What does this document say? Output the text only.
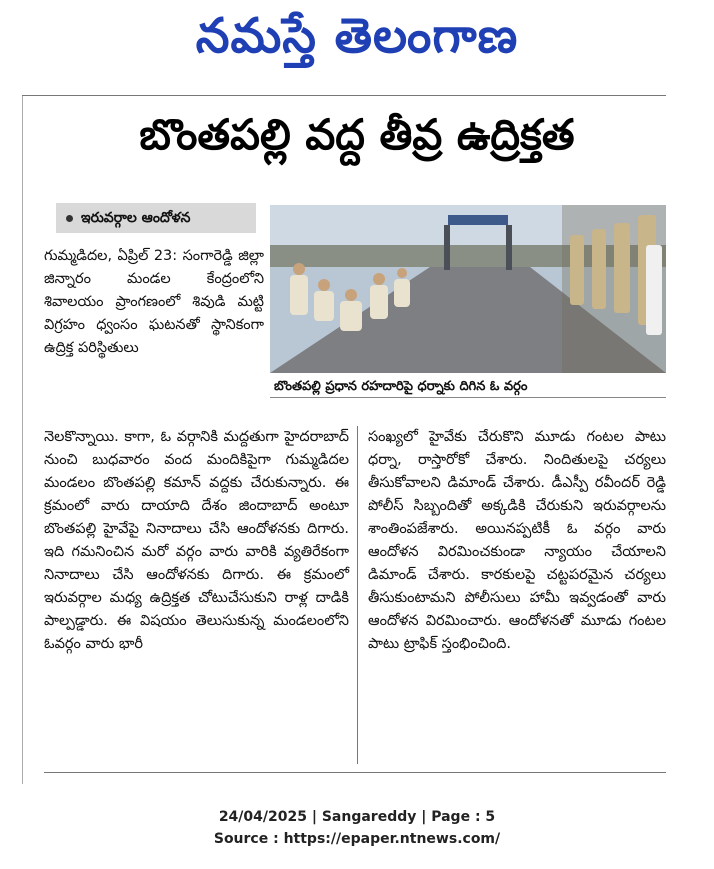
నమస్తే తెలంగాణ
బొంతపల్లి వద్ద తీవ్ర ఉద్రిక్తత
ఇరువర్గాల ఆందోళన
బొంతపల్లి ప్రధాన రహదారిపై ధర్నాకు దిగిన ఓ వర్గం
గుమ్మడిదల, ఏప్రిల్ 23: సంగారెడ్డి జిల్లా జిన్నారం మండల కేంద్రంలోని శివాలయం ప్రాంగణంలో శివుడి మట్టి విగ్రహం ధ్వంసం ఘటనతో స్థానికంగా ఉద్రిక్త పరిస్థితులు
నెలకొన్నాయి. కాగా, ఓ వర్గానికి మద్దతుగా హైదరాబాద్ నుంచి బుధవారం వంద మందికిపైగా గుమ్మడిదల మండలం బొంతపల్లి కమాన్ వద్దకు చేరుకున్నారు. ఈ క్రమంలో వారు దాయాది దేశం జిందాబాద్ అంటూ బొంతపల్లి హైవేపై నినాదాలు చేసి ఆందోళనకు దిగారు. ఇది గమనించిన మరో వర్గం వారు వారికి వ్యతిరేకంగా నినాదాలు చేసి ఆందోళనకు దిగారు. ఈ క్రమంలో ఇరువర్గాల మధ్య ఉద్రిక్తత చోటుచేసుకుని రాళ్ల దాడికి పాల్పడ్డారు. ఈ విషయం తెలుసుకున్న మండలంలోని ఓవర్గం వారు భారీ
సంఖ్యలో హైవేకు చేరుకొని మూడు గంటల పాటు ధర్నా, రాస్తారోకో చేశారు. నిందితులపై చర్యలు తీసుకోవాలని డిమాండ్ చేశారు. డీఎస్పీ రవీందర్ రెడ్డి పోలీస్ సిబ్బందితో అక్కడికి చేరుకుని ఇరువర్గాలను శాంతింపజేశారు. అయినప్పటికీ ఓ వర్గం వారు ఆందోళన విరమించకుండా న్యాయం చేయాలని డిమాండ్ చేశారు. కారకులపై చట్టపరమైన చర్యలు తీసుకుంటామని పోలీసులు హామీ ఇవ్వడంతో వారు ఆందోళన విరమించారు. ఆందోళనతో మూడు గంటల పాటు ట్రాఫిక్ స్తంభించింది.
24/04/2025 | Sangareddy | Page : 5
Source : https://epaper.ntnews.com/
